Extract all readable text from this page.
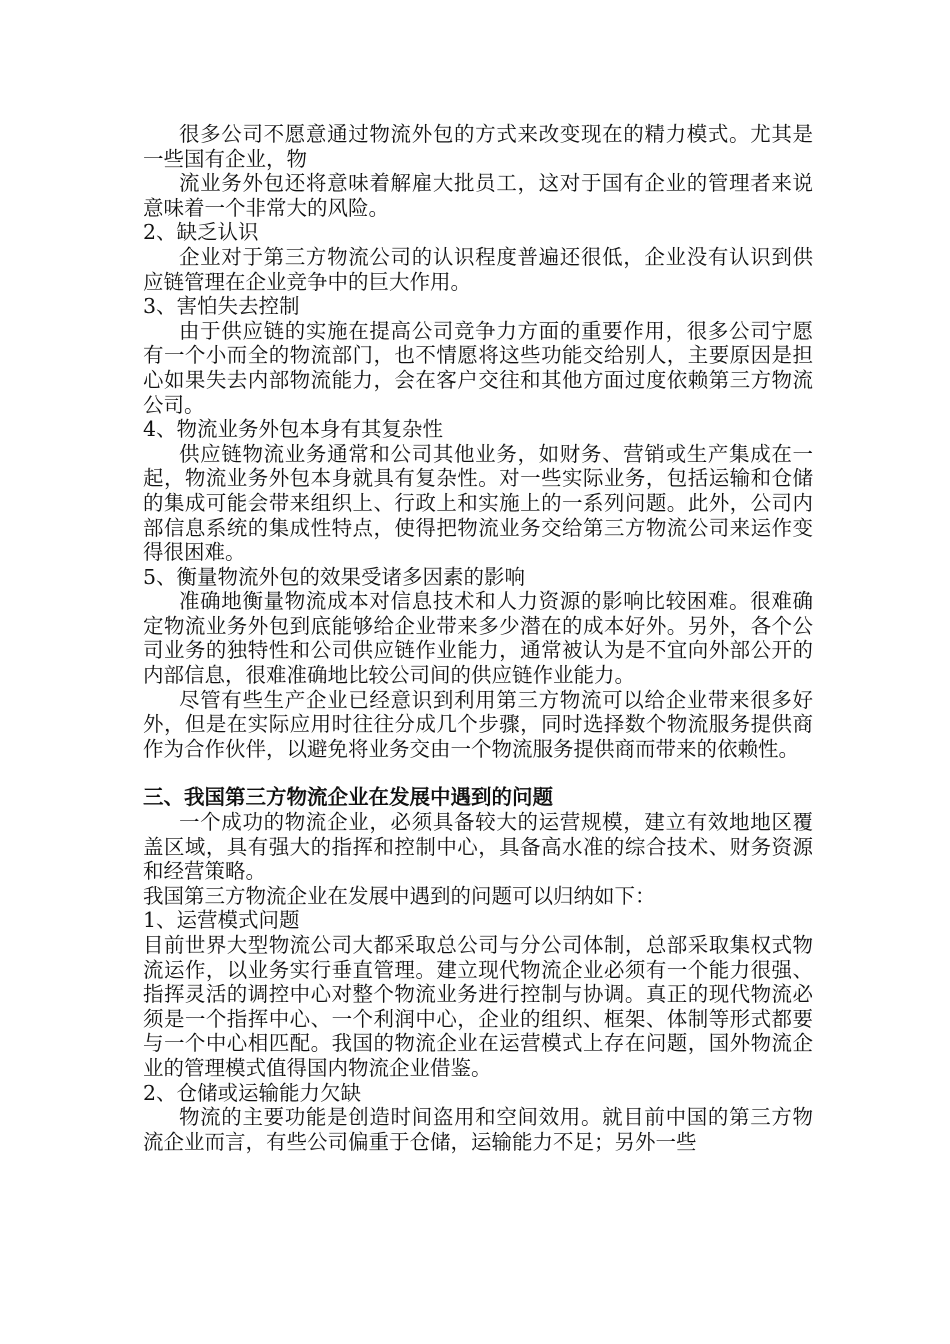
很多公司不愿意通过物流外包的方式来改变现在的精力模式。尤其是一些国有企业，物

流业务外包还将意味着解雇大批员工，这对于国有企业的管理者来说意味着一个非常大的风险。

2、缺乏认识

企业对于第三方物流公司的认识程度普遍还很低，企业没有认识到供应链管理在企业竞争中的巨大作用。

3、害怕失去控制

由于供应链的实施在提高公司竞争力方面的重要作用，很多公司宁愿有一个小而全的物流部门，也不情愿将这些功能交给别人，主要原因是担心如果失去内部物流能力，会在客户交往和其他方面过度依赖第三方物流公司。

4、物流业务外包本身有其复杂性

供应链物流业务通常和公司其他业务，如财务、营销或生产集成在一起，物流业务外包本身就具有复杂性。对一些实际业务，包括运输和仓储的集成可能会带来组织上、行政上和实施上的一系列问题。此外，公司内部信息系统的集成性特点，使得把物流业务交给第三方物流公司来运作变得很困难。

5、衡量物流外包的效果受诸多因素的影响

准确地衡量物流成本对信息技术和人力资源的影响比较困难。很难确定物流业务外包到底能够给企业带来多少潜在的成本好外。另外，各个公司业务的独特性和公司供应链作业能力，通常被认为是不宜向外部公开的内部信息，很难准确地比较公司间的供应链作业能力。

尽管有些生产企业已经意识到利用第三方物流可以给企业带来很多好外，但是在实际应用时往往分成几个步骤，同时选择数个物流服务提供商作为合作伙伴，以避免将业务交由一个物流服务提供商而带来的依赖性。

三、我国第三方物流企业在发展中遇到的问题

一个成功的物流企业，必须具备较大的运营规模，建立有效地地区覆盖区域，具有强大的指挥和控制中心，具备高水准的综合技术、财务资源和经营策略。

我国第三方物流企业在发展中遇到的问题可以归纳如下：

1、运营模式问题

目前世界大型物流公司大都采取总公司与分公司体制，总部采取集权式物流运作，以业务实行垂直管理。建立现代物流企业必须有一个能力很强、指挥灵活的调控中心对整个物流业务进行控制与协调。真正的现代物流必须是一个指挥中心、一个利润中心，企业的组织、框架、体制等形式都要与一个中心相匹配。我国的物流企业在运营模式上存在问题，国外物流企业的管理模式值得国内物流企业借鉴。

2、仓储或运输能力欠缺

物流的主要功能是创造时间盗用和空间效用。就目前中国的第三方物流企业而言，有些公司偏重于仓储，运输能力不足；另外一些
